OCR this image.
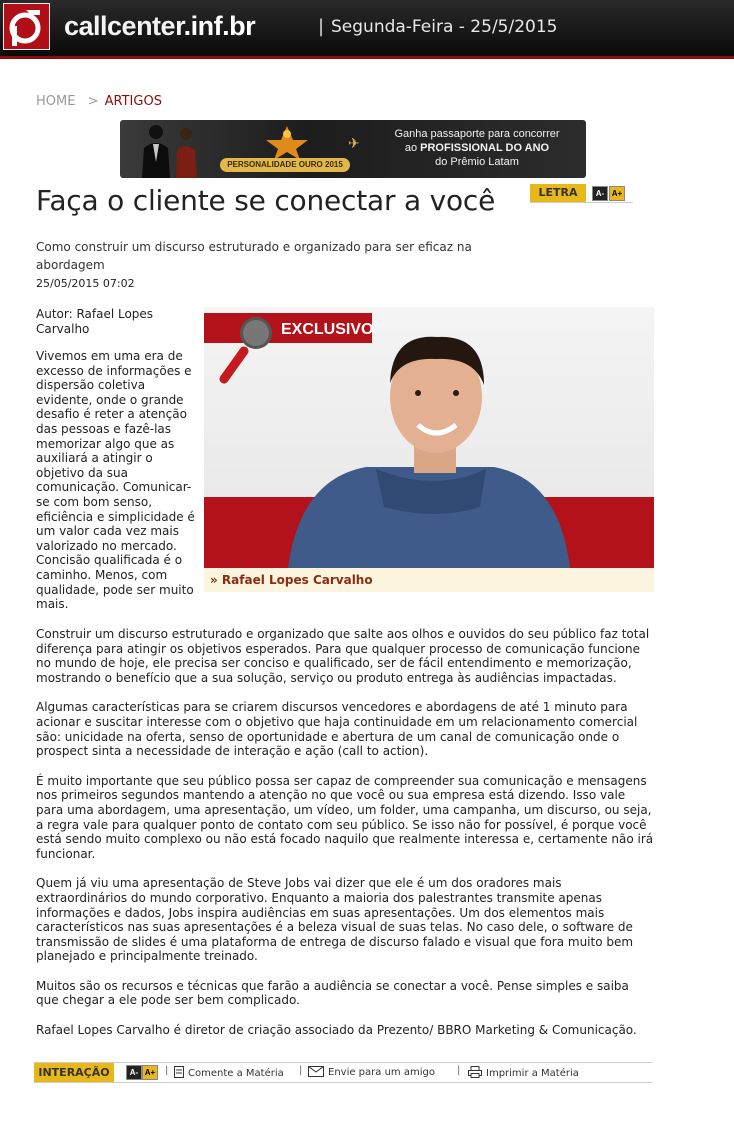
callcenter.inf.br	| Segunda-Feira - 25/5/2015
HOME > ARTIGOS
PERSONALIDADE OURO 2015
✈
Ganha passaporte para concorrer
ao PROFISSIONAL DO ANO
do Prêmio Latam
Faça o cliente se conectar a você	LETRA	A- A+
Como construir um discurso estruturado e organizado para ser eficaz na abordagem
25/05/2015 07:02
Autor: Rafael Lopes Carvalho
Vivemos em uma era de excesso de informações e dispersão coletiva evidente, onde o grande desafio é reter a atenção das pessoas e fazê-las memorizar algo que as auxiliará a atingir o objetivo da sua comunicação. Comunicar-se com bom senso, eficiência e simplicidade é um valor cada vez mais valorizado no mercado. Concisão qualificada é o caminho. Menos, com qualidade, pode ser muito mais.
EXCLUSIVO
» Rafael Lopes Carvalho

Construir um discurso estruturado e organizado que salte aos olhos e ouvidos do seu público faz total diferença para atingir os objetivos esperados. Para que qualquer processo de comunicação funcione no mundo de hoje, ele precisa ser conciso e qualificado, ser de fácil entendimento e memorização, mostrando o benefício que a sua solução, serviço ou produto entrega às audiências impactadas.

Algumas características para se criarem discursos vencedores e abordagens de até 1 minuto para acionar e suscitar interesse com o objetivo que haja continuidade em um relacionamento comercial são: unicidade na oferta, senso de oportunidade e abertura de um canal de comunicação onde o prospect sinta a necessidade de interação e ação (call to action).

É muito importante que seu público possa ser capaz de compreender sua comunicação e mensagens nos primeiros segundos mantendo a atenção no que você ou sua empresa está dizendo. Isso vale para uma abordagem, uma apresentação, um vídeo, um folder, uma campanha, um discurso, ou seja, a regra vale para qualquer ponto de contato com seu público. Se isso não for possível, é porque você está sendo muito complexo ou não está focado naquilo que realmente interessa e, certamente não irá funcionar.

Quem já viu uma apresentação de Steve Jobs vai dizer que ele é um dos oradores mais extraordinários do mundo corporativo. Enquanto a maioria dos palestrantes transmite apenas informações e dados, Jobs inspira audiências em suas apresentações. Um dos elementos mais característicos nas suas apresentações é a beleza visual de suas telas. No caso dele, o software de transmissão de slides é uma plataforma de entrega de discurso falado e visual que fora muito bem planejado e principalmente treinado.

Muitos são os recursos e técnicas que farão a audiência se conectar a você. Pense simples e saiba que chegar a ele pode ser bem complicado.

Rafael Lopes Carvalho é diretor de criação associado da Prezento/ BBRO Marketing & Comunicação.

INTERAÇÃO	A- A+ |	Comente a Matéria |	Envie para um amigo |	Imprimir a Matéria
